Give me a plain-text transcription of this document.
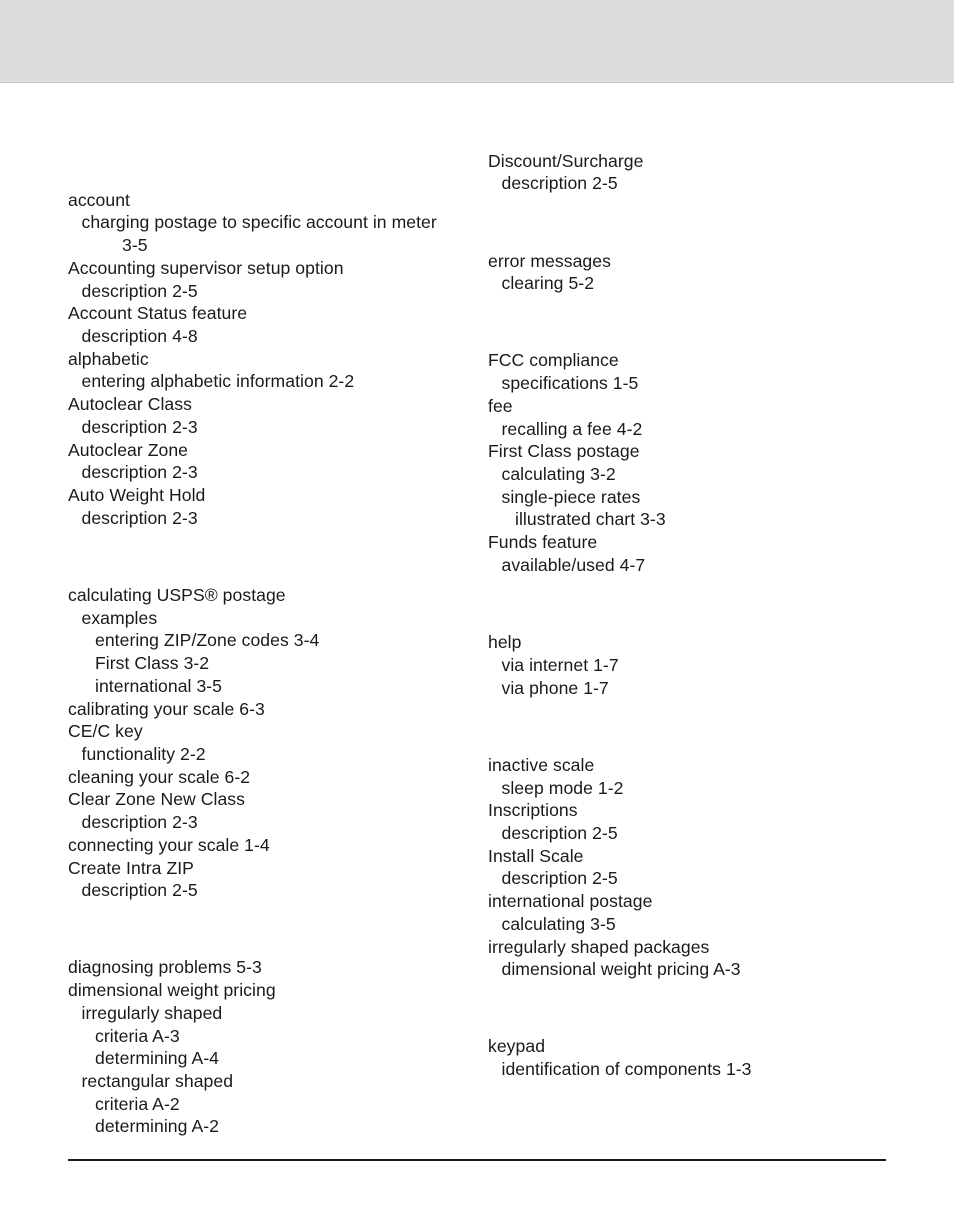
account
charging postage to specific account in meter
3-5
Accounting supervisor setup option
description 2-5
Account Status feature
description 4-8
alphabetic
entering alphabetic information 2-2
Autoclear Class
description 2-3
Autoclear Zone
description 2-3
Auto Weight Hold
description 2-3
calculating USPS® postage
examples
entering ZIP/Zone codes 3-4
First Class 3-2
international 3-5
calibrating your scale 6-3
CE/C key
functionality 2-2
cleaning your scale 6-2
Clear Zone New Class
description 2-3
connecting your scale 1-4
Create Intra ZIP
description 2-5
diagnosing problems 5-3
dimensional weight pricing
irregularly shaped
criteria A-3
determining A-4
rectangular shaped
criteria A-2
determining A-2
Discount/Surcharge
description 2-5
error messages
clearing 5-2
FCC compliance
specifications 1-5
fee
recalling a fee 4-2
First Class postage
calculating 3-2
single-piece rates
illustrated chart 3-3
Funds feature
available/used 4-7
help
via internet 1-7
via phone 1-7
inactive scale
sleep mode 1-2
Inscriptions
description 2-5
Install Scale
description 2-5
international postage
calculating 3-5
irregularly shaped packages
dimensional weight pricing A-3
keypad
identification of components 1-3
